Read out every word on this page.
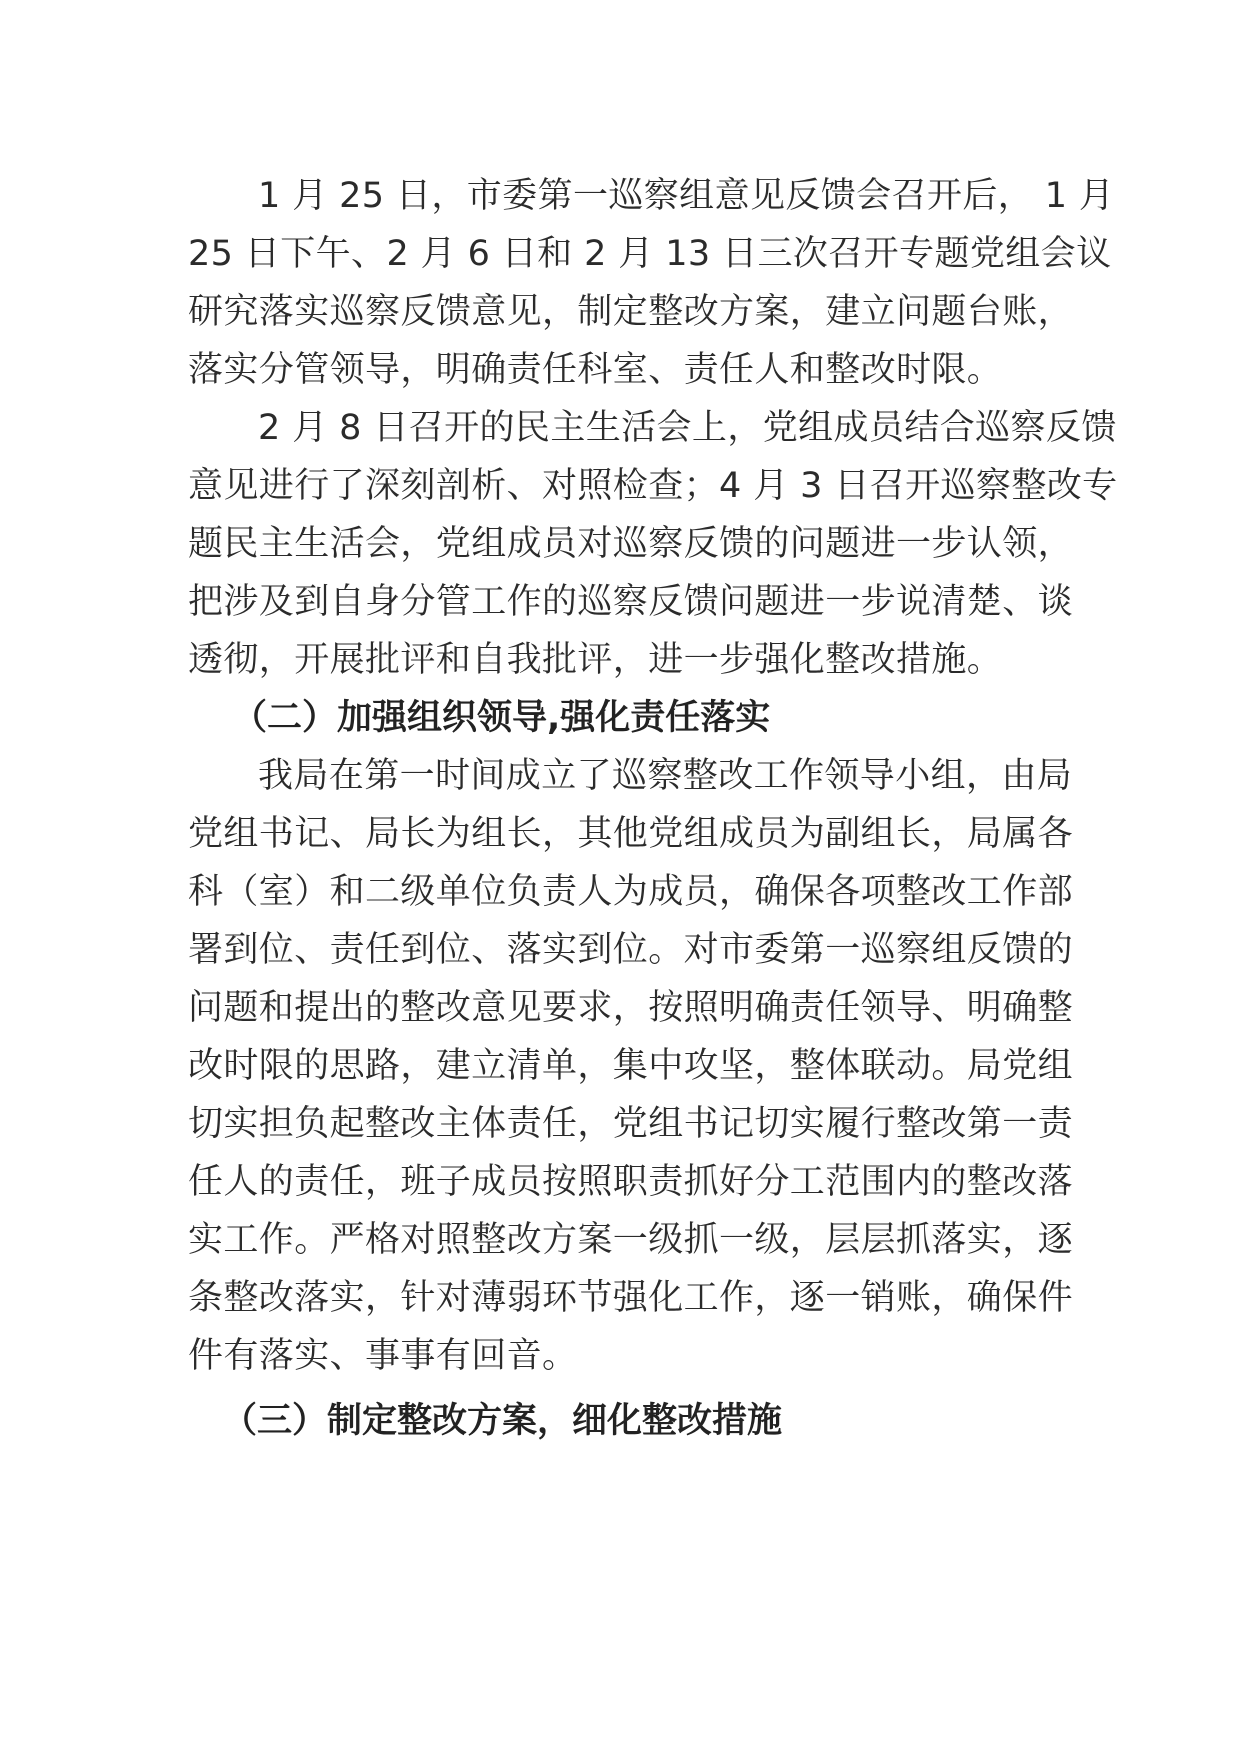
1 月 25 日，市委第一巡察组意见反馈会召开后， 1 月
25 日下午、2 月 6 日和 2 月 13 日三次召开专题党组会议
研究落实巡察反馈意见，制定整改方案，建立问题台账，
落实分管领导，明确责任科室、责任人和整改时限。
2 月 8 日召开的民主生活会上，党组成员结合巡察反馈
意见进行了深刻剖析、对照检查；4 月 3 日召开巡察整改专
题民主生活会，党组成员对巡察反馈的问题进一步认领，
把涉及到自身分管工作的巡察反馈问题进一步说清楚、谈
透彻，开展批评和自我批评，进一步强化整改措施。
（二）加强组织领导,强化责任落实
我局在第一时间成立了巡察整改工作领导小组，由局
党组书记、局长为组长，其他党组成员为副组长，局属各
科（室）和二级单位负责人为成员，确保各项整改工作部
署到位、责任到位、落实到位。对市委第一巡察组反馈的
问题和提出的整改意见要求，按照明确责任领导、明确整
改时限的思路，建立清单，集中攻坚，整体联动。局党组
切实担负起整改主体责任，党组书记切实履行整改第一责
任人的责任，班子成员按照职责抓好分工范围内的整改落
实工作。严格对照整改方案一级抓一级，层层抓落实，逐
条整改落实，针对薄弱环节强化工作，逐一销账，确保件
件有落实、事事有回音。
（三）制定整改方案，细化整改措施
